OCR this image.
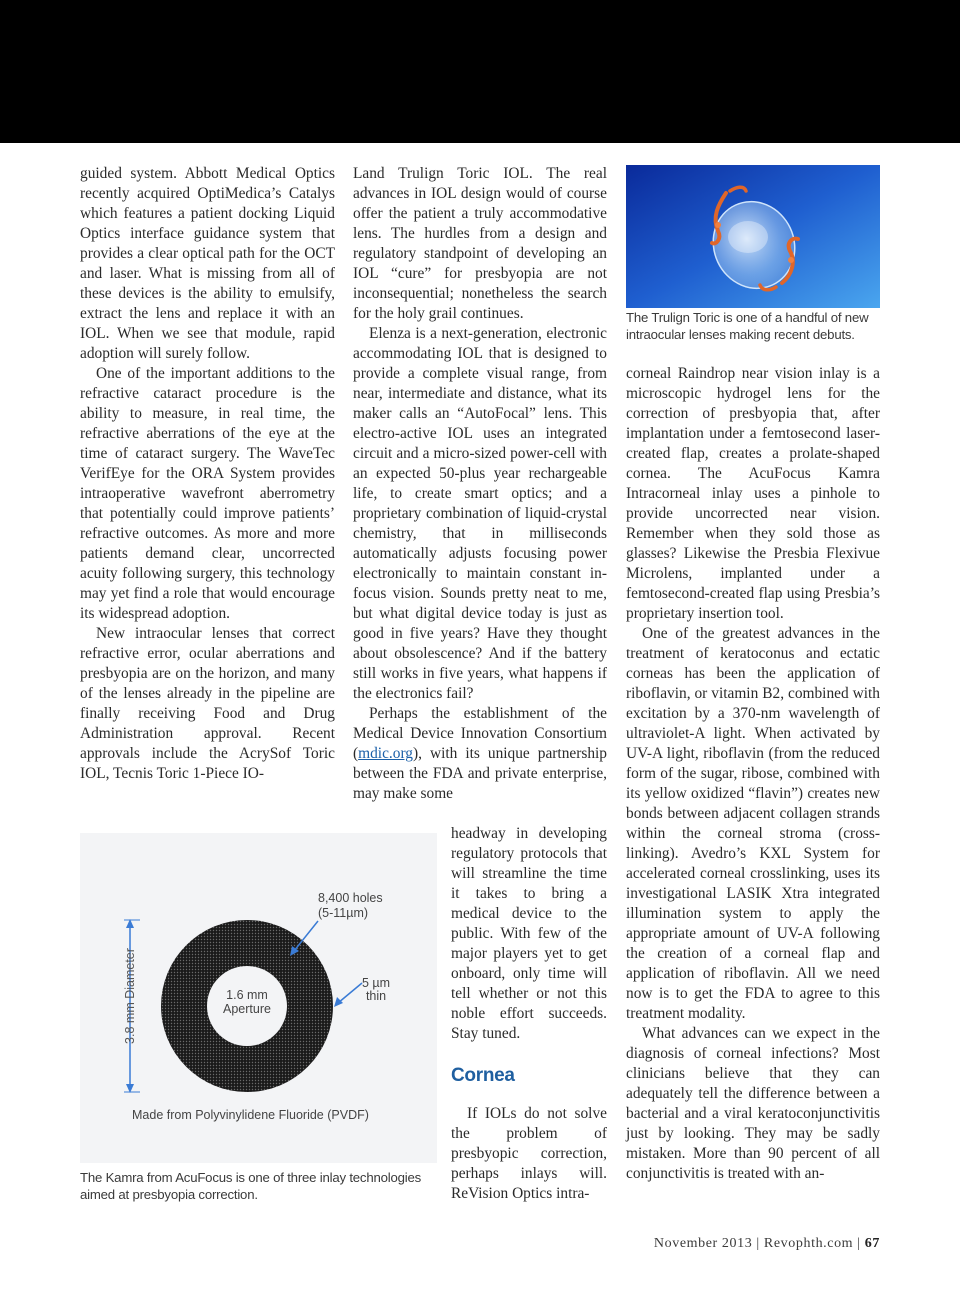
guided system. Abbott Medical Optics recently acquired OptiMedica’s Catalys which features a patient docking Liquid Optics interface guidance system that provides a clear optical path for the OCT and laser. What is missing from all of these devices is the ability to emulsify, extract the lens and replace it with an IOL. When we see that module, rapid adoption will surely follow.

One of the important additions to the refractive cataract procedure is the ability to measure, in real time, the refractive aberrations of the eye at the time of cataract surgery. The WaveTec VerifEye for the ORA System provides intraoperative wavefront aberrometry that potentially could improve patients’ refractive outcomes. As more and more patients demand clear, uncorrected acuity following surgery, this technology may yet find a role that would encourage its widespread adoption.

New intraocular lenses that correct refractive error, ocular aberrations and presbyopia are on the horizon, and many of the lenses already in the pipeline are finally receiving Food and Drug Administration approval. Recent approvals include the AcrySof Toric IOL, Tecnis Toric 1-Piece IO-

Land Trulign Toric IOL. The real advances in IOL design would of course offer the patient a truly accommodative lens. The hurdles from a design and regulatory standpoint of developing an IOL “cure” for presbyopia are not inconsequential; nonetheless the search for the holy grail continues.

Elenza is a next-generation, electronic accommodating IOL that is designed to provide a complete visual range, from near, intermediate and distance, what its maker calls an “AutoFocal” lens. This electro-active IOL uses an integrated circuit and a micro-sized power-cell with an expected 50-plus year rechargeable life, to create smart optics; and a proprietary combination of liquid-crystal chemistry, that in milliseconds automatically adjusts focusing power electronically to maintain constant in-focus vision. Sounds pretty neat to me, but what digital device today is just as good in five years? Have they thought about obsolescence? And if the battery still works in five years, what happens if the electronics fail?

Perhaps the establishment of the Medical Device Innovation Consortium (mdic.org), with its unique partnership between the FDA and private enterprise, may make some

headway in developing regulatory protocols that will streamline the time it takes to bring a medical device to the public. With few of the major players yet to get onboard, only time will tell whether or not this noble effort succeeds. Stay tuned.

Cornea

If IOLs do not solve the problem of presbyopic correction, perhaps inlays will. ReVision Optics intra-

The Trulign Toric is one of a handful of new intraocular lenses making recent debuts.

corneal Raindrop near vision inlay is a microscopic hydrogel lens for the correction of presbyopia that, after implantation under a femtosecond laser-created flap, creates a prolate-shaped cornea. The AcuFocus Kamra Intracorneal inlay uses a pinhole to provide uncorrected near vision. Remember when they sold those as glasses? Likewise the Presbia Flexivue Microlens, implanted under a femtosecond-created flap using Presbia’s proprietary insertion tool.

One of the greatest advances in the treatment of keratoconus and ectatic corneas has been the application of riboflavin, or vitamin B2, combined with excitation by a 370-nm wavelength of ultraviolet-A light. When activated by UV-A light, riboflavin (from the reduced form of the sugar, ribose, combined with its yellow oxidized “flavin”) creates new bonds between adjacent collagen strands within the corneal stroma (cross-linking). Avedro’s KXL System for accelerated corneal crosslinking, uses its investigational LASIK Xtra integrated illumination system to apply the appropriate amount of UV-A following the creation of a corneal flap and application of riboflavin. All we need now is to get the FDA to agree to this treatment modality.

What advances can we expect in the diagnosis of corneal infections? Most clinicians believe that they can adequately tell the difference between a bacterial and a viral keratoconjunctivitis just by looking. They may be sadly mistaken. More than 90 percent of all conjunctivitis is treated with an-

3.8 mm Diameter
8,400 holes
(5-11µm)
5 µm
thin
1.6 mm
Aperture
Made from Polyvinylidene Fluoride (PVDF)
The Kamra from AcuFocus is one of three inlay technologies aimed at presbyopia correction.
November 2013 | Revophth.com | 67
